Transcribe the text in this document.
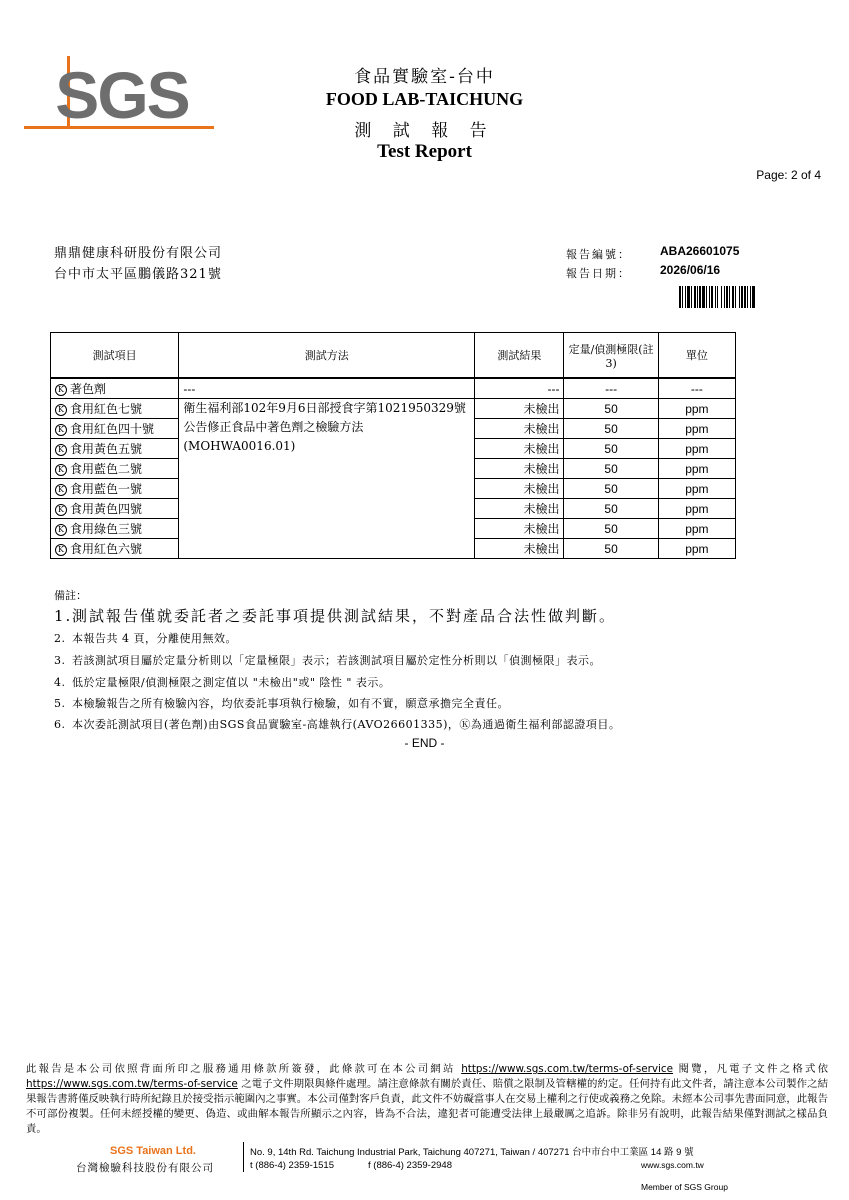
SGS	食品實驗室-台中
FOOD LAB-TAICHUNG
測 試 報 告
Test Report
Page: 2 of 4
鼎鼎健康科研股份有限公司
台中市太平區鵬儀路321號
報告編號： ABA26601075
報告日期： 2026/06/16
測試項目	測試方法	測試結果	定量/偵測極限(註3)	單位
K 著色劑	---	---	---	---
K 食用紅色七號	衛生福利部102年9月6日部授食字第1021950329號公告修正食品中著色劑之檢驗方法(MOHWA0016.01)	未檢出	50	ppm
K 食用紅色四十號		未檢出	50	ppm
K 食用黃色五號		未檢出	50	ppm
K 食用藍色二號		未檢出	50	ppm
K 食用藍色一號		未檢出	50	ppm
K 食用黃色四號		未檢出	50	ppm
K 食用綠色三號		未檢出	50	ppm
K 食用紅色六號		未檢出	50	ppm
備註：
1.測試報告僅就委託者之委託事項提供測試結果，不對產品合法性做判斷。
2. 本報告共 4 頁，分離使用無效。
3. 若該測試項目屬於定量分析則以「定量極限」表示；若該測試項目屬於定性分析則以「偵測極限」表示。
4. 低於定量極限/偵測極限之測定值以 "未檢出"或" 陰性 " 表示。
5. 本檢驗報告之所有檢驗內容，均依委託事項執行檢驗，如有不實，願意承擔完全責任。
6. 本次委託測試項目(著色劑)由SGS食品實驗室-高雄執行(AVO26601335)，Ⓚ為通過衛生福利部認證項目。
- END -
此報告是本公司依照背面所印之服務通用條款所簽發，此條款可在本公司網站 https://www.sgs.com.tw/terms-of-service 閱覽，凡電子文件之格式依 https://www.sgs.com.tw/terms-of-service 之電子文件期限與條件處理。請注意條款有關於責任、賠償之限制及管轄權的約定。任何持有此文件者，請注意本公司製作之結果報告書將僅反映執行時所紀錄且於接受指示範圍內之事實。本公司僅對客戶負責，此文件不妨礙當事人在交易上權利之行使或義務之免除。未經本公司事先書面同意，此報告不可部份複製。任何未經授權的變更、偽造、或曲解本報告所顯示之內容，皆為不合法，違犯者可能遭受法律上最嚴厲之追訴。除非另有說明，此報告結果僅對測試之樣品負責。
SGS Taiwan Ltd.
台灣檢驗科技股份有限公司
No. 9, 14th Rd. Taichung Industrial Park, Taichung 407271, Taiwan / 407271 台中市台中工業區 14 路 9 號
t (886-4) 2359-1515	f (886-4) 2359-2948	www.sgs.com.tw
Member of SGS Group
